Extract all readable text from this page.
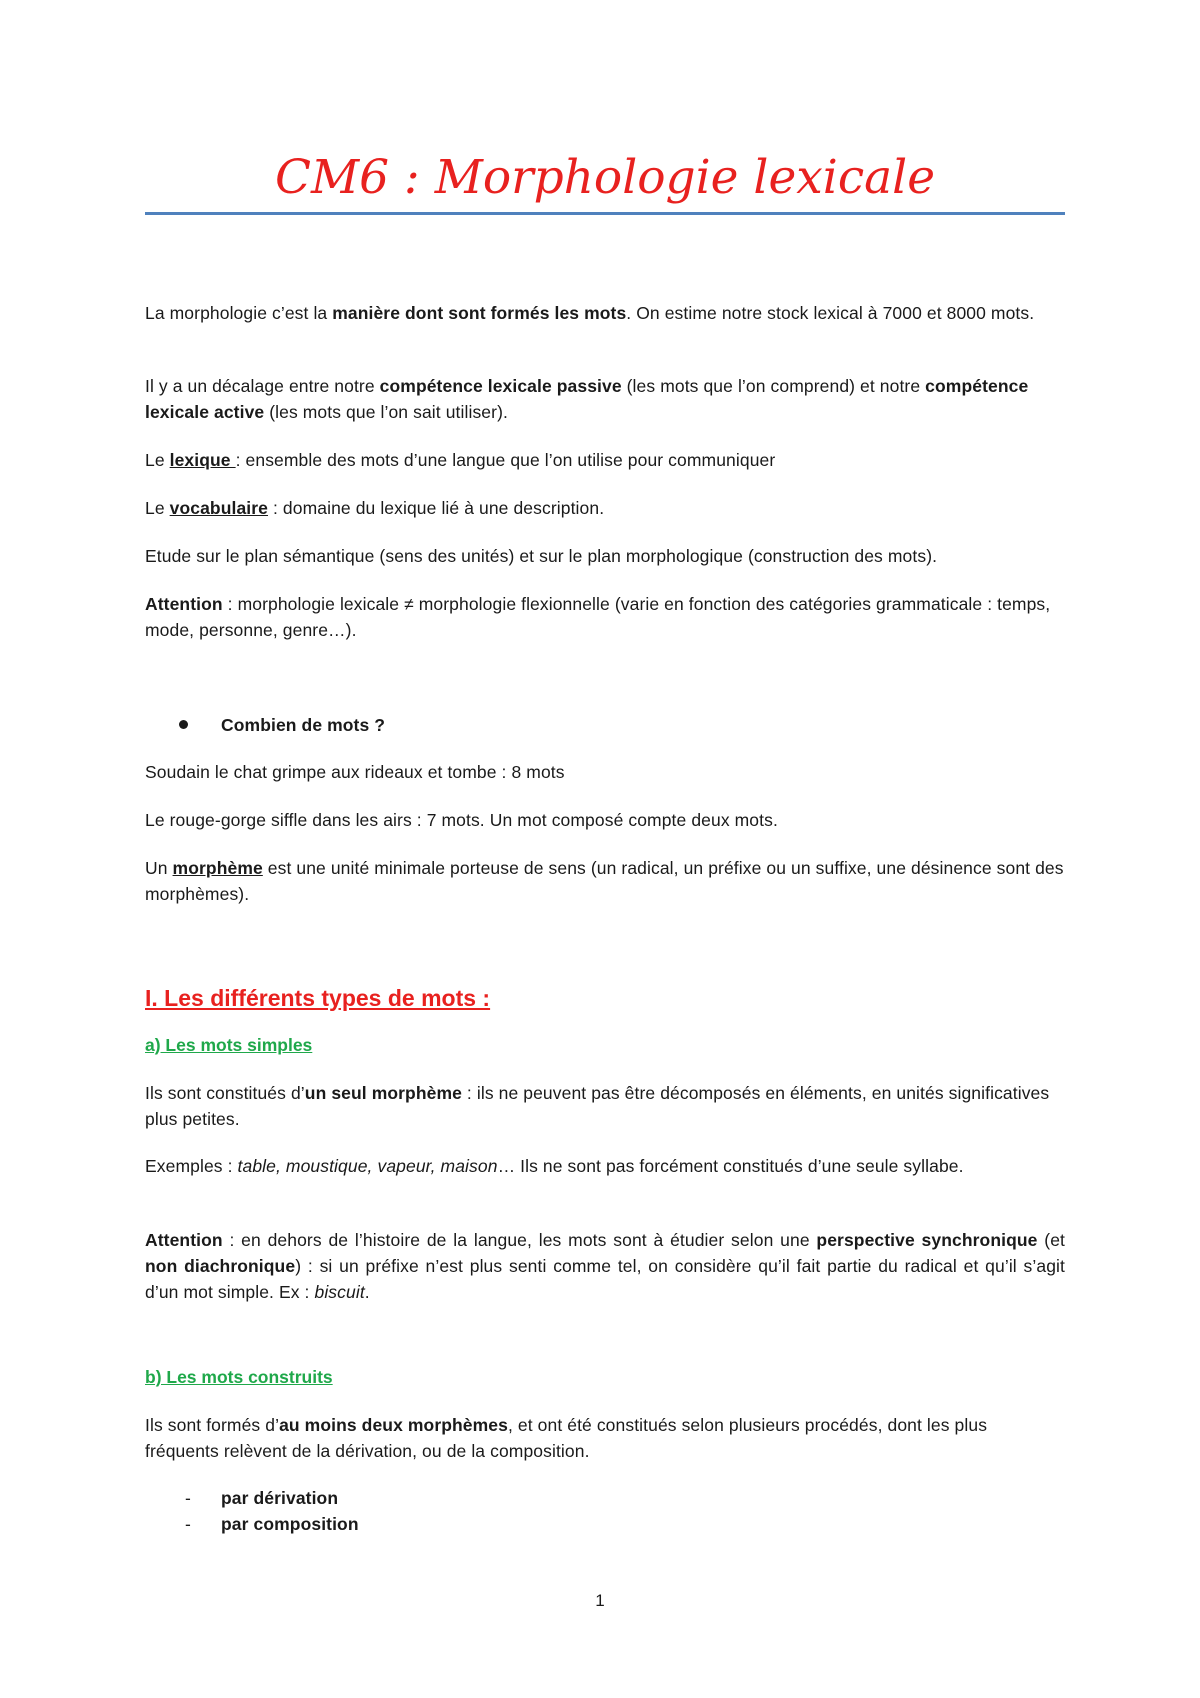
CM6 : Morphologie lexicale

La morphologie c’est la manière dont sont formés les mots. On estime notre stock lexical à 7000 et 8000 mots.

Il y a un décalage entre notre compétence lexicale passive (les mots que l’on comprend) et notre compétence lexicale active (les mots que l’on sait utiliser).

Le lexique : ensemble des mots d’une langue que l’on utilise pour communiquer

Le vocabulaire : domaine du lexique lié à une description.

Etude sur le plan sémantique (sens des unités) et sur le plan morphologique (construction des mots).

Attention : morphologie lexicale ≠ morphologie flexionnelle (varie en fonction des catégories grammaticale : temps, mode, personne, genre…).

Combien de mots ?

Soudain le chat grimpe aux rideaux et tombe : 8 mots

Le rouge-gorge siffle dans les airs : 7 mots. Un mot composé compte deux mots.

Un morphème est une unité minimale porteuse de sens (un radical, un préfixe ou un suffixe, une désinence sont des morphèmes).

I. Les différents types de mots :
a) Les mots simples

Ils sont constitués d’un seul morphème : ils ne peuvent pas être décomposés en éléments, en unités significatives plus petites.

Exemples : table, moustique, vapeur, maison… Ils ne sont pas forcément constitués d’une seule syllabe.

Attention : en dehors de l’histoire de la langue, les mots sont à étudier selon une perspective synchronique (et non diachronique) : si un préfixe n’est plus senti comme tel, on considère qu’il fait partie du radical et qu’il s’agit d’un mot simple. Ex : biscuit.

b) Les mots construits

Ils sont formés d’au moins deux morphèmes, et ont été constitués selon plusieurs procédés, dont les plus fréquents relèvent de la dérivation, ou de la composition.

- par dérivation

- par composition

1
